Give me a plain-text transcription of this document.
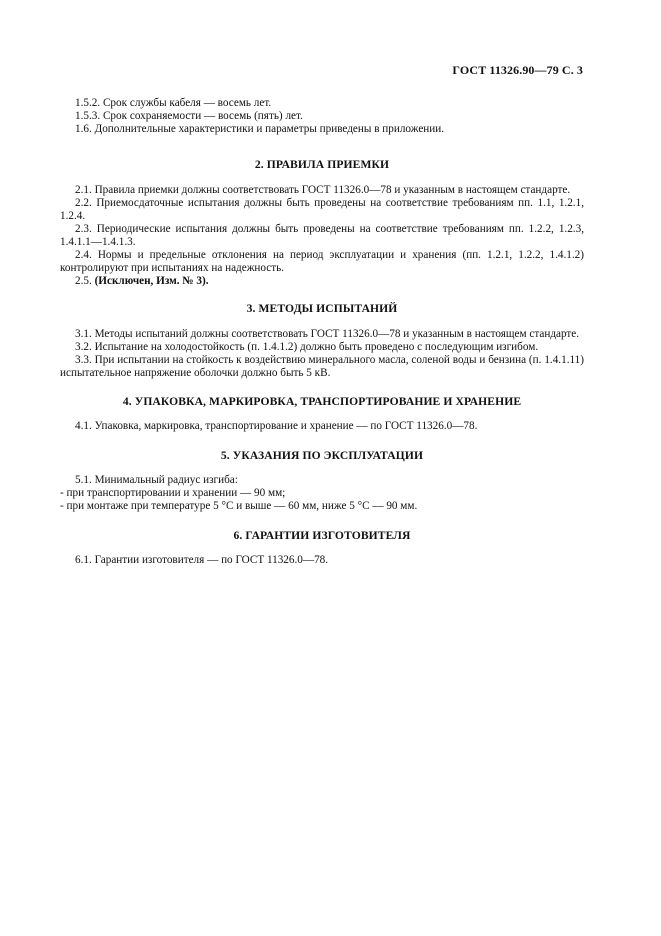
ГОСТ 11326.90—79 С. 3

1.5.2. Срок службы кабеля — восемь лет.

1.5.3. Срок сохраняемости — восемь (пять) лет.

1.6. Дополнительные характеристики и параметры приведены в приложении.

2. ПРАВИЛА ПРИЕМКИ

2.1. Правила приемки должны соответствовать ГОСТ 11326.0—78 и указанным в настоящем стандарте.

2.2. Приемосдаточные испытания должны быть проведены на соответствие требованиям пп. 1.1, 1.2.1, 1.2.4.

2.3. Периодические испытания должны быть проведены на соответствие требованиям пп. 1.2.2, 1.2.3, 1.4.1.1—1.4.1.3.

2.4. Нормы и предельные отклонения на период эксплуатации и хранения (пп. 1.2.1, 1.2.2, 1.4.1.2) контролируют при испытаниях на надежность.

2.5. (Исключен, Изм. № 3).

3. МЕТОДЫ ИСПЫТАНИЙ

3.1. Методы испытаний должны соответствовать ГОСТ 11326.0—78 и указанным в настоящем стандарте.

3.2. Испытание на холодостойкость (п. 1.4.1.2) должно быть проведено с последующим изгибом.

3.3. При испытании на стойкость к воздействию минерального масла, соленой воды и бензина (п. 1.4.1.11) испытательное напряжение оболочки должно быть 5 кВ.

4. УПАКОВКА, МАРКИРОВКА, ТРАНСПОРТИРОВАНИЕ И ХРАНЕНИЕ

4.1. Упаковка, маркировка, транспортирование и хранение — по ГОСТ 11326.0—78.

5. УКАЗАНИЯ ПО ЭКСПЛУАТАЦИИ

5.1. Минимальный радиус изгиба:

- при транспортировании и хранении — 90 мм;

- при монтаже при температуре 5 °С и выше — 60 мм, ниже 5 °С — 90 мм.

6. ГАРАНТИИ ИЗГОТОВИТЕЛЯ

6.1. Гарантии изготовителя — по ГОСТ 11326.0—78.
